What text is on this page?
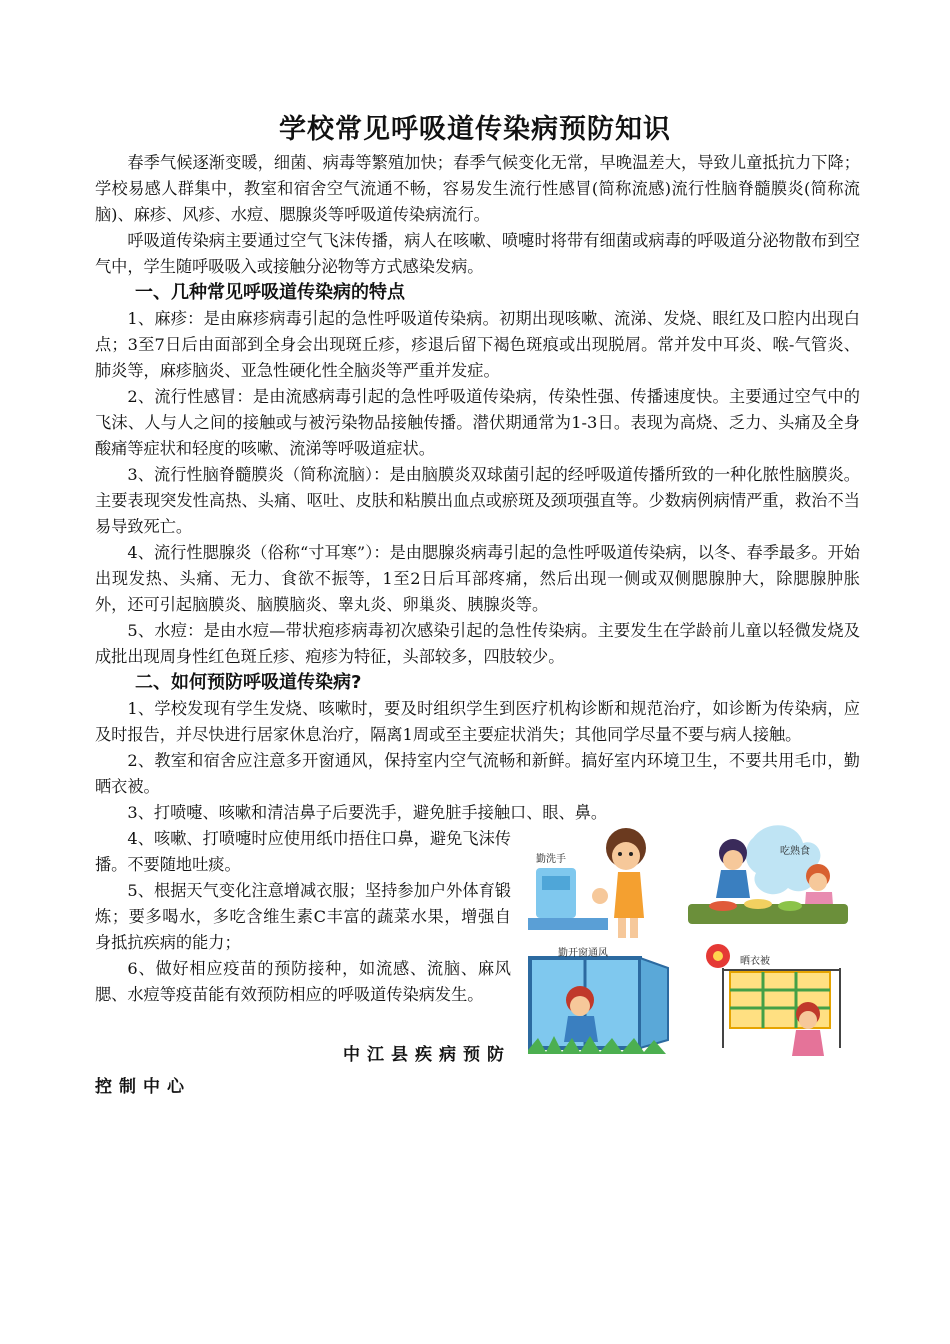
学校常见呼吸道传染病预防知识

春季气候逐渐变暖，细菌、病毒等繁殖加快；春季气候变化无常，早晚温差大，导致儿童抵抗力下降；学校易感人群集中，教室和宿舍空气流通不畅，容易发生流行性感冒(简称流感)流行性脑脊髓膜炎(简称流脑)、麻疹、风疹、水痘、腮腺炎等呼吸道传染病流行。

呼吸道传染病主要通过空气飞沫传播，病人在咳嗽、喷嚏时将带有细菌或病毒的呼吸道分泌物散布到空气中，学生随呼吸吸入或接触分泌物等方式感染发病。

一、几种常见呼吸道传染病的特点

1、麻疹：是由麻疹病毒引起的急性呼吸道传染病。初期出现咳嗽、流涕、发烧、眼红及口腔内出现白点；3至7日后由面部到全身会出现斑丘疹，疹退后留下褐色斑痕或出现脱屑。常并发中耳炎、喉-气管炎、肺炎等，麻疹脑炎、亚急性硬化性全脑炎等严重并发症。

2、流行性感冒：是由流感病毒引起的急性呼吸道传染病，传染性强、传播速度快。主要通过空气中的飞沫、人与人之间的接触或与被污染物品接触传播。潜伏期通常为1-3日。表现为高烧、乏力、头痛及全身酸痛等症状和轻度的咳嗽、流涕等呼吸道症状。

3、流行性脑脊髓膜炎（简称流脑）：是由脑膜炎双球菌引起的经呼吸道传播所致的一种化脓性脑膜炎。主要表现突发性高热、头痛、呕吐、皮肤和粘膜出血点或瘀斑及颈项强直等。少数病例病情严重，救治不当易导致死亡。

4、流行性腮腺炎（俗称“寸耳寒”）：是由腮腺炎病毒引起的急性呼吸道传染病，以冬、春季最多。开始出现发热、头痛、无力、食欲不振等，1至2日后耳部疼痛，然后出现一侧或双侧腮腺肿大，除腮腺肿胀外，还可引起脑膜炎、脑膜脑炎、睾丸炎、卵巢炎、胰腺炎等。

5、水痘：是由水痘—带状疱疹病毒初次感染引起的急性传染病。主要发生在学龄前儿童以轻微发烧及成批出现周身性红色斑丘疹、疱疹为特征，头部较多，四肢较少。

二、如何预防呼吸道传染病?

1、学校发现有学生发烧、咳嗽时，要及时组织学生到医疗机构诊断和规范治疗，如诊断为传染病，应及时报告，并尽快进行居家休息治疗，隔离1周或至主要症状消失；其他同学尽量不要与病人接触。

2、教室和宿舍应注意多开窗通风，保持室内空气流畅和新鲜。搞好室内环境卫生，不要共用毛巾，勤晒衣被。

3、打喷嚏、咳嗽和清洁鼻子后要洗手，避免脏手接触口、眼、鼻。

4、咳嗽、打喷嚏时应使用纸巾捂住口鼻，避免飞沫传播。不要随地吐痰。

5、根据天气变化注意增减衣服；坚持参加户外体育锻炼；要多喝水，多吃含维生素C丰富的蔬菜水果，增强自身抵抗疾病的能力；

6、做好相应疫苗的预防接种，如流感、流脑、麻风腮、水痘等疫苗能有效预防相应的呼吸道传染病发生。

中江县疾病预防
控制中心
勤洗手
吃熟食
勤开窗通风
晒衣被
